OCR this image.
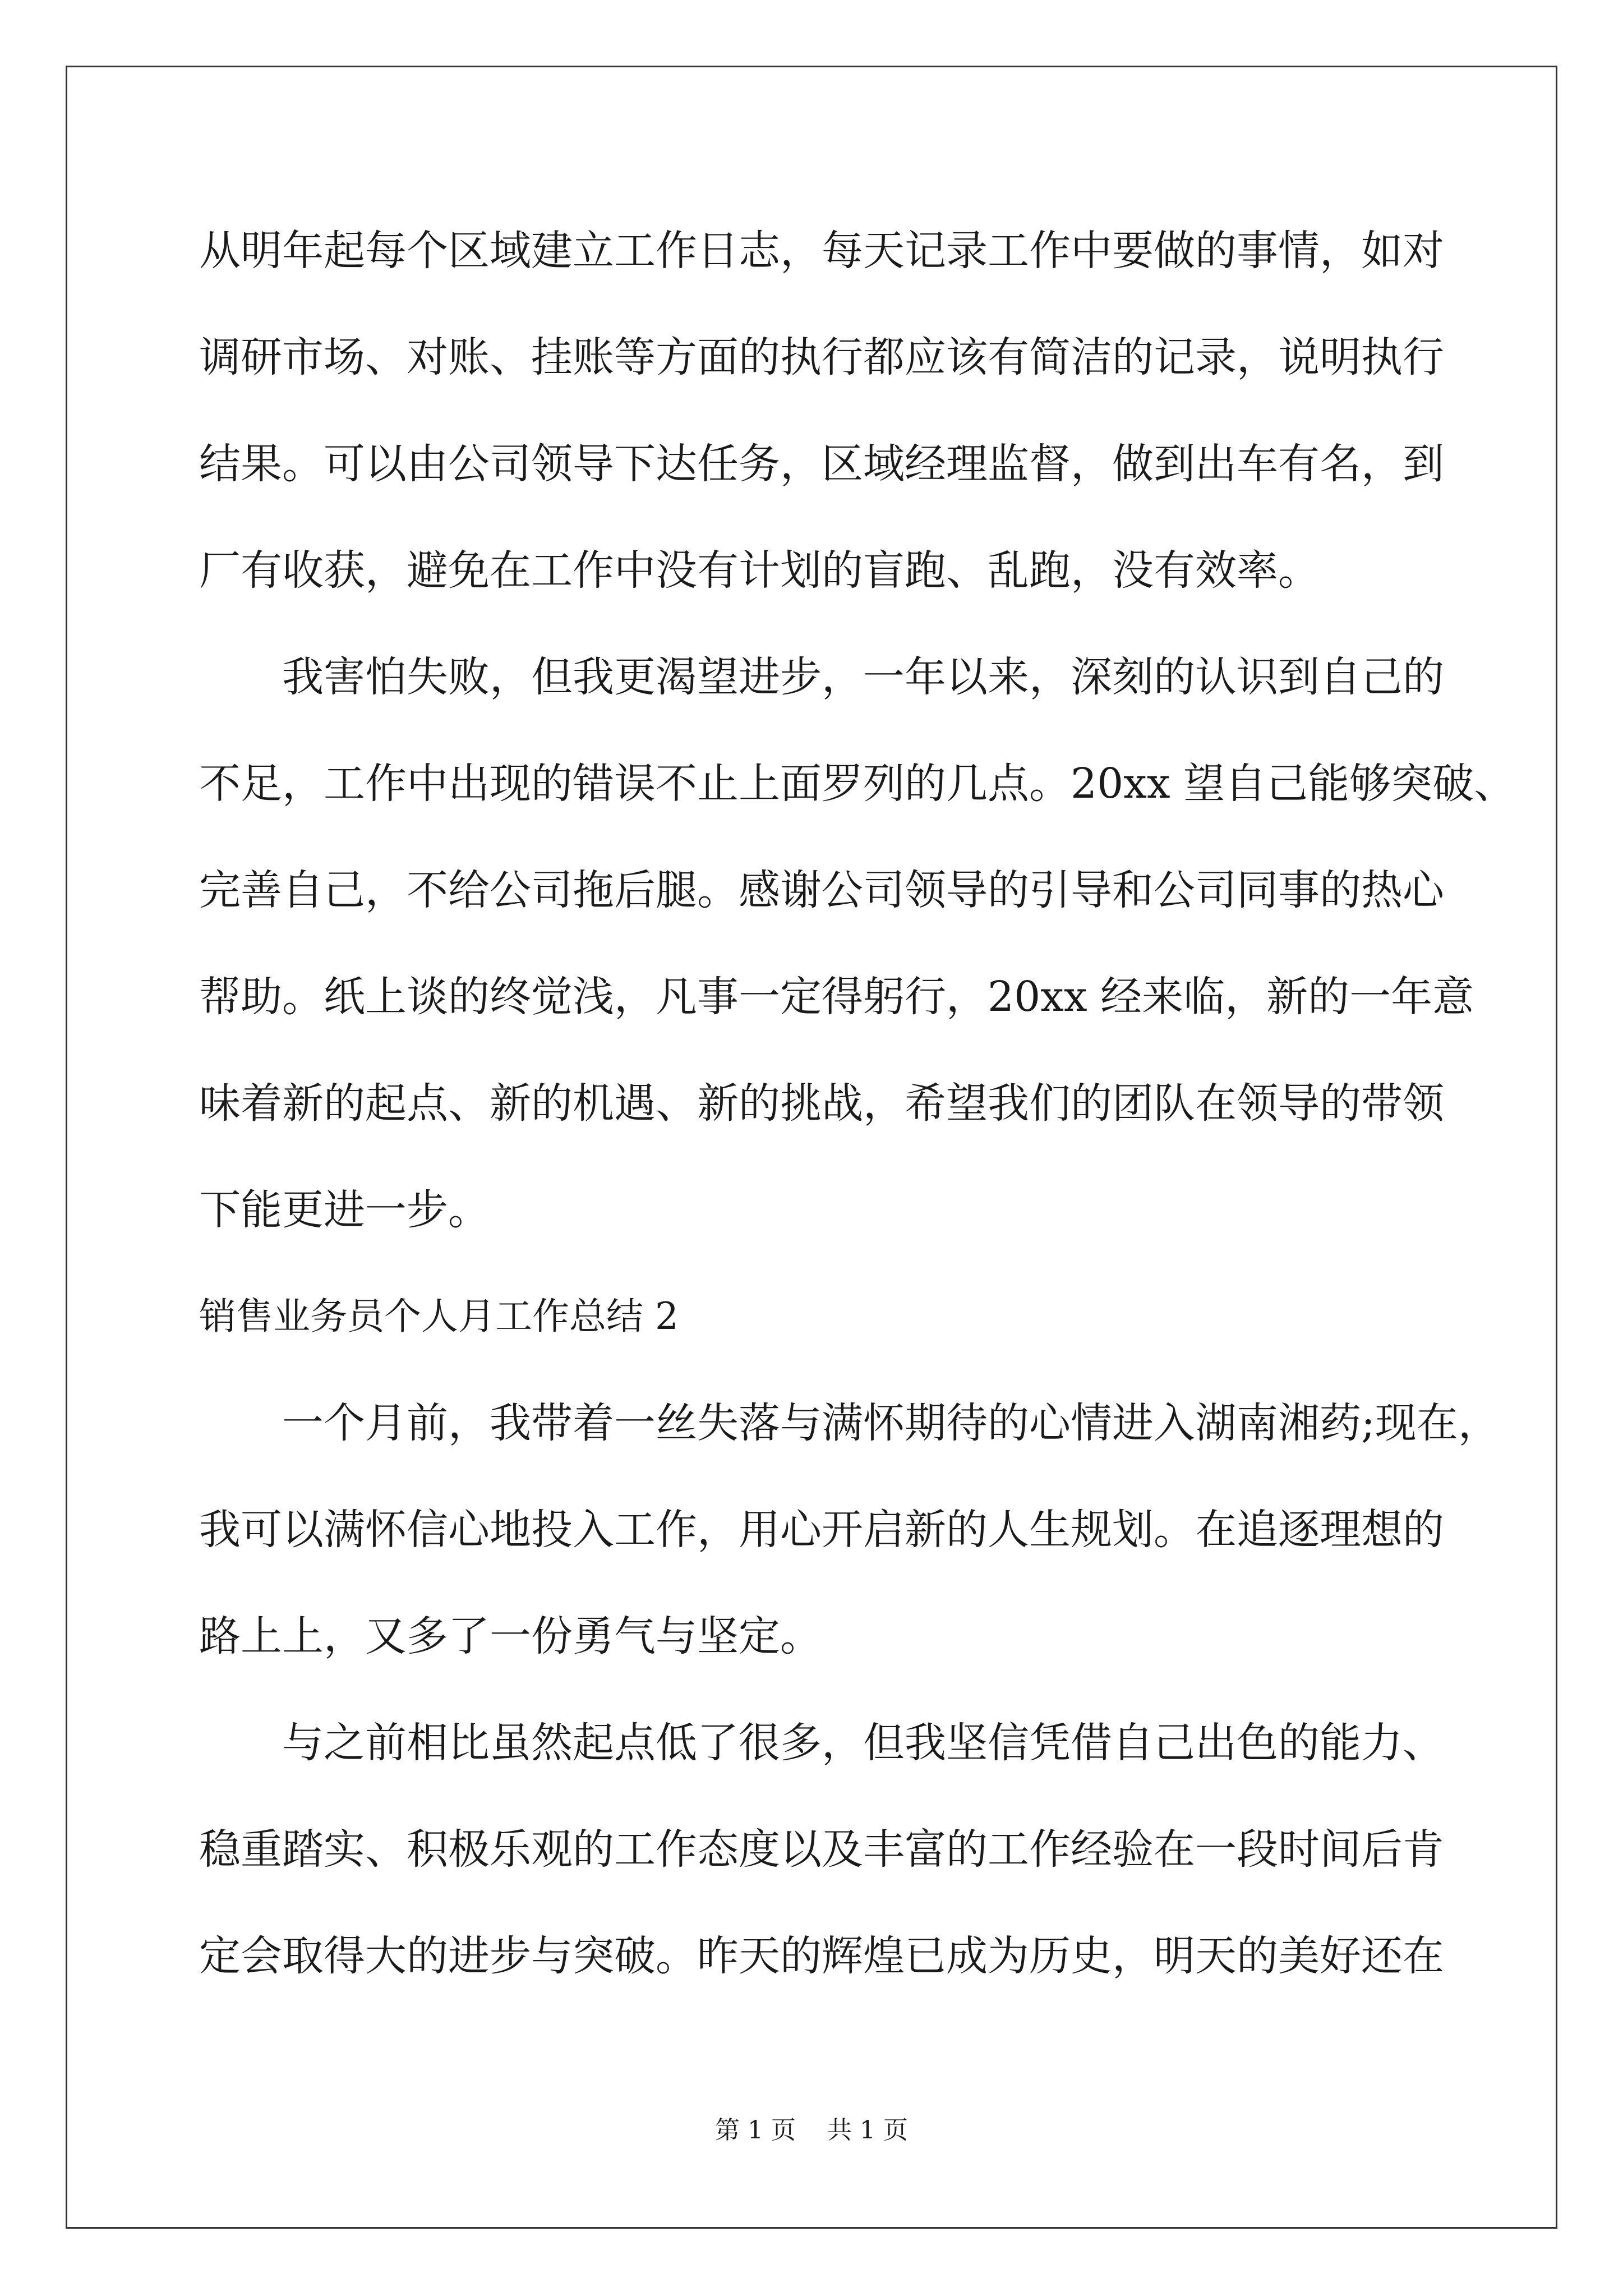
从明年起每个区域建立工作日志，每天记录工作中要做的事情，如对
调研市场、对账、挂账等方面的执行都应该有简洁的记录，说明执行
结果。可以由公司领导下达任务，区域经理监督，做到出车有名，到
厂有收获，避免在工作中没有计划的盲跑、乱跑，没有效率。
我害怕失败，但我更渴望进步，一年以来，深刻的认识到自己的
不足，工作中出现的错误不止上面罗列的几点。20xx 望自己能够突破、
完善自己，不给公司拖后腿。感谢公司领导的引导和公司同事的热心
帮助。纸上谈的终觉浅，凡事一定得躬行，20xx 经来临，新的一年意
味着新的起点、新的机遇、新的挑战，希望我们的团队在领导的带领
下能更进一步。
销售业务员个人月工作总结 2
一个月前，我带着一丝失落与满怀期待的心情进入湖南湘药;现在，
我可以满怀信心地投入工作，用心开启新的人生规划。在追逐理想的
路上上，又多了一份勇气与坚定。
与之前相比虽然起点低了很多，但我坚信凭借自己出色的能力、
稳重踏实、积极乐观的工作态度以及丰富的工作经验在一段时间后肯
定会取得大的进步与突破。昨天的辉煌已成为历史，明天的美好还在
第 1 页 共 1 页
